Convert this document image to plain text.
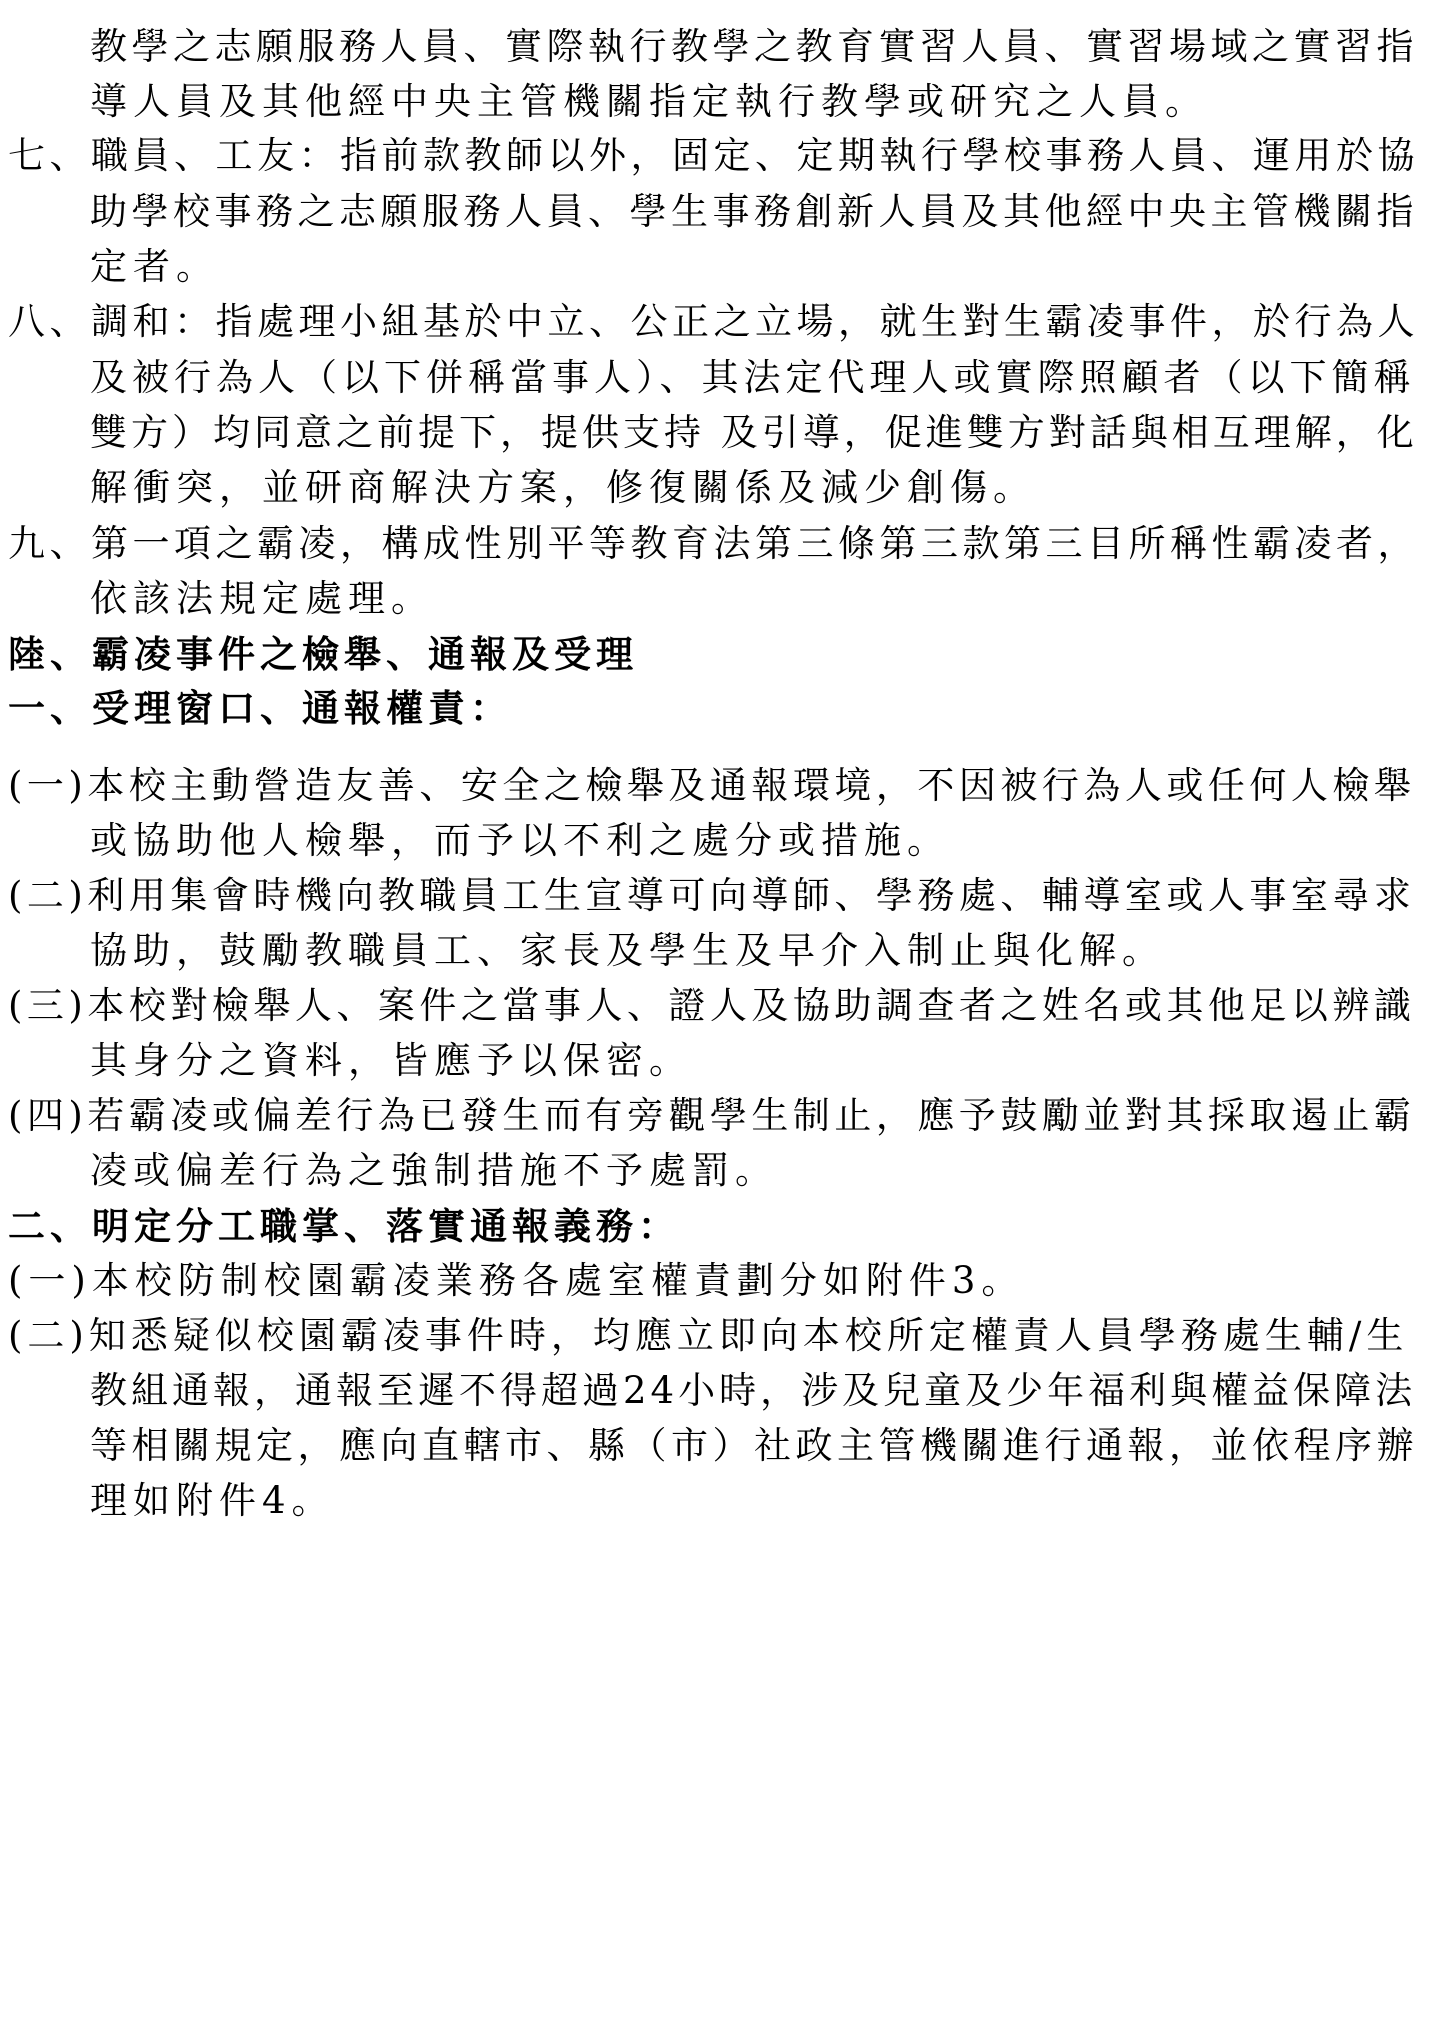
教學之志願服務人員、實際執行教學之教育實習人員、實習場域之實習指
導人員及其他經中央主管機關指定執行教學或研究之人員。
七、職員、工友：指前款教師以外，固定、定期執行學校事務人員、運用於協
助學校事務之志願服務人員、學生事務創新人員及其他經中央主管機關指
定者。
八、調和：指處理小組基於中立、公正之立場，就生對生霸凌事件，於行為人
及被行為人（以下併稱當事人）、其法定代理人或實際照顧者（以下簡稱
雙方）均同意之前提下，提供支持 及引導，促進雙方對話與相互理解，化
解衝突，並研商解決方案，修復關係及減少創傷。
九、第一項之霸凌，構成性別平等教育法第三條第三款第三目所稱性霸凌者，
依該法規定處理。
陸、霸凌事件之檢舉、通報及受理
一、受理窗口、通報權責：
(一)本校主動營造友善、安全之檢舉及通報環境，不因被行為人或任何人檢舉
或協助他人檢舉，而予以不利之處分或措施。
(二)利用集會時機向教職員工生宣導可向導師、學務處、輔導室或人事室尋求
協助，鼓勵教職員工、家長及學生及早介入制止與化解。
(三)本校對檢舉人、案件之當事人、證人及協助調查者之姓名或其他足以辨識
其身分之資料，皆應予以保密。
(四)若霸凌或偏差行為已發生而有旁觀學生制止，應予鼓勵並對其採取遏止霸
凌或偏差行為之強制措施不予處罰。
二、明定分工職掌、落實通報義務：
(一)本校防制校園霸凌業務各處室權責劃分如附件3。
(二)知悉疑似校園霸凌事件時，均應立即向本校所定權責人員學務處生輔/生
教組通報，通報至遲不得超過24小時，涉及兒童及少年福利與權益保障法
等相關規定，應向直轄市、縣（市）社政主管機關進行通報，並依程序辦
理如附件4。
